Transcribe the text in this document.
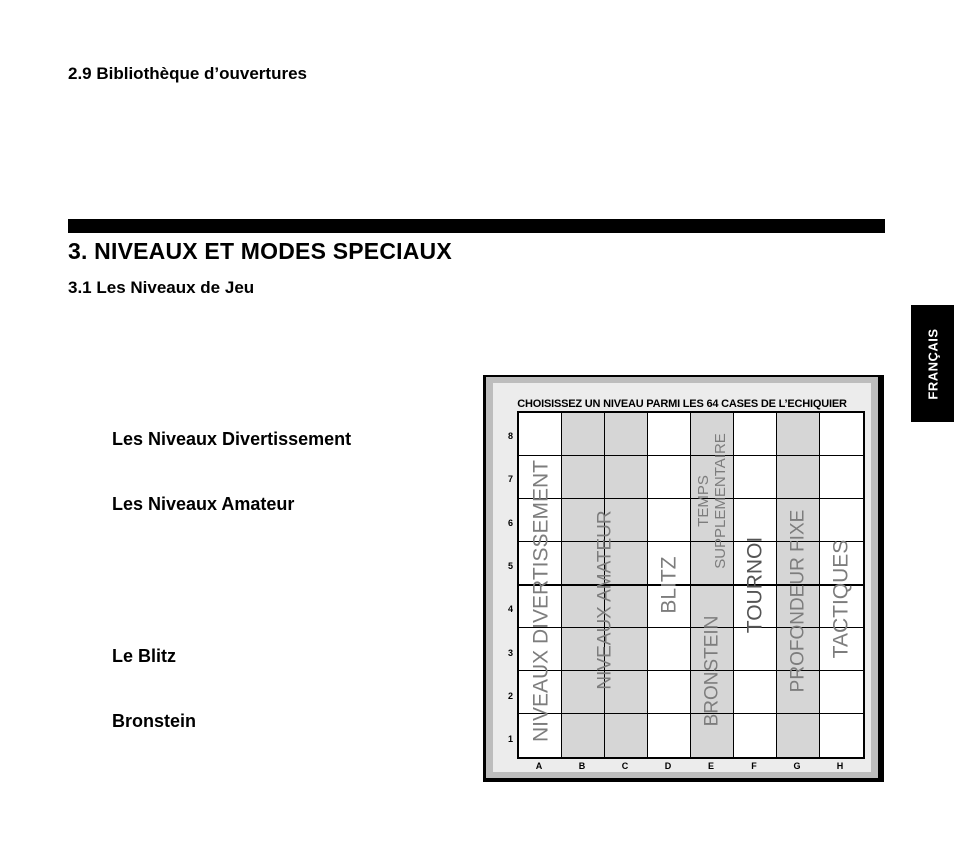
2.9 Bibliothèque d’ouvertures
3. NIVEAUX ET MODES SPECIAUX
3.1 Les Niveaux de Jeu
Les Niveaux Divertissement
Les Niveaux Amateur
Le Blitz
Bronstein
FRANÇAIS
CHOISISSEZ UN NIVEAU PARMI LES 64 CASES DE L’ECHIQUIER
NIVEAUX DIVERTISSEMENT NIVEAUX AMATEUR BLITZ
TEMPS SUPPLEMENTAIRE
BRONSTEIN
TOURNOI PROFONDEUR FIXE TACTIQUES
8
7
6
5
4
3
2
1
A	B	C	D	E	F	G	H
